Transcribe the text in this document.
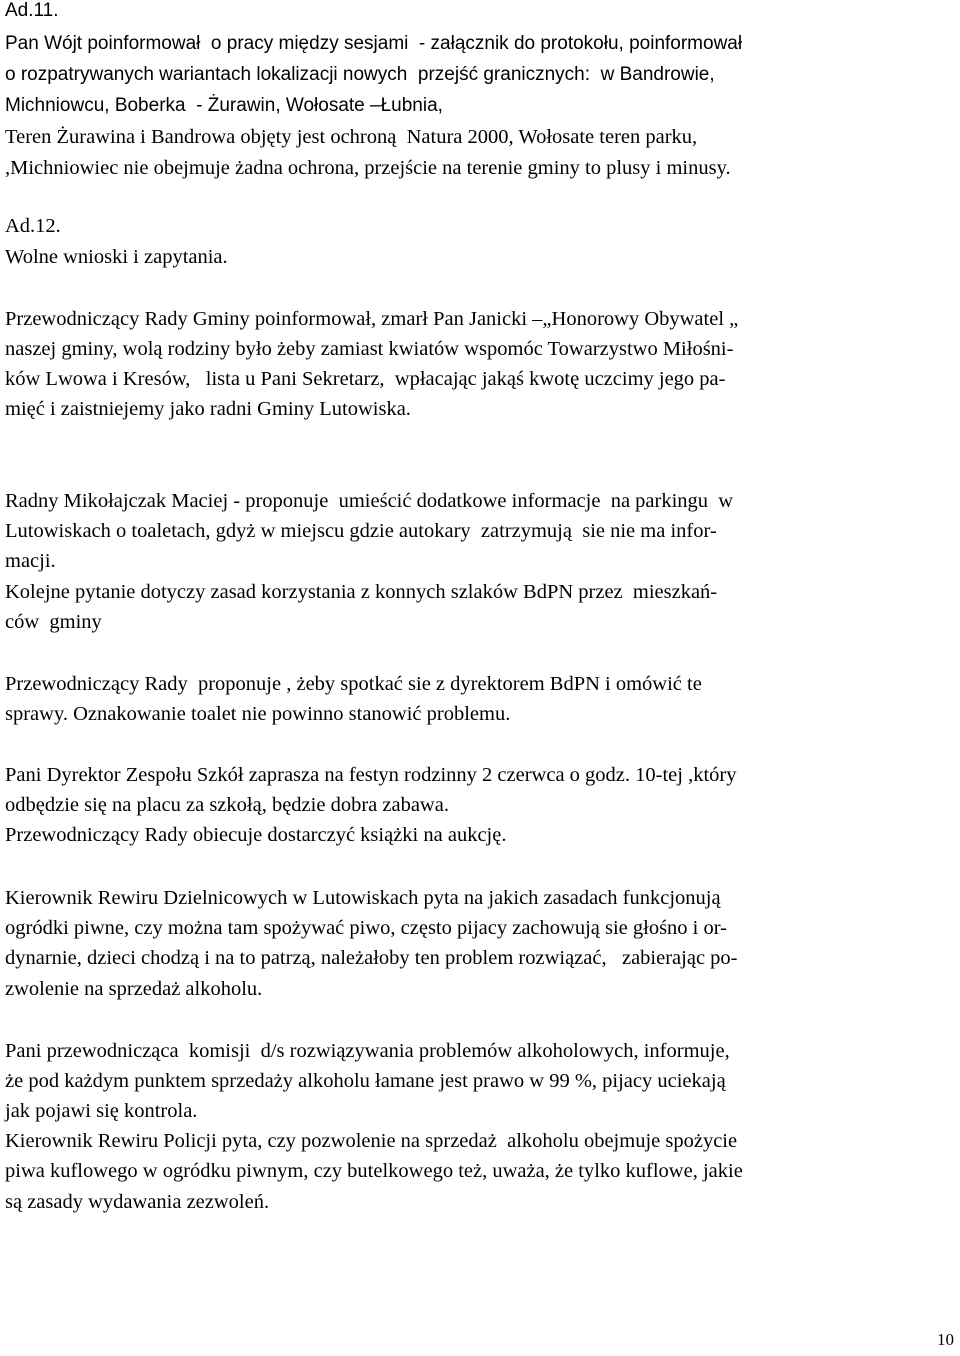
Ad.11.
Pan Wójt poinformował  o pracy między sesjami  - załącznik do protokołu, poinformował
o rozpatrywanych wariantach lokalizacji nowych  przejść granicznych:  w Bandrowie,
Michniowcu, Boberka  - Żurawin, Wołosate –Łubnia,
Teren Żurawina i Bandrowa objęty jest ochroną  Natura 2000, Wołosate teren parku,
,Michniowiec nie obejmuje żadna ochrona, przejście na terenie gminy to plusy i minusy.
Ad.12.
Wolne wnioski i zapytania.
Przewodniczący Rady Gminy poinformował, zmarł Pan Janicki –„Honorowy Obywatel „
naszej gminy, wolą rodziny było żeby zamiast kwiatów wspomóc Towarzystwo Miłośni-
ków Lwowa i Kresów,   lista u Pani Sekretarz,  wpłacając jakąś kwotę uczcimy jego pa-
mięć i zaistniejemy jako radni Gminy Lutowiska.
Radny Mikołajczak Maciej - proponuje  umieścić dodatkowe informacje  na parkingu  w
Lutowiskach o toaletach, gdyż w miejscu gdzie autokary  zatrzymują  sie nie ma infor-
macji.
Kolejne pytanie dotyczy zasad korzystania z konnych szlaków BdPN przez  mieszkań-
ców  gminy
Przewodniczący Rady  proponuje , żeby spotkać sie z dyrektorem BdPN i omówić te
sprawy. Oznakowanie toalet nie powinno stanowić problemu.
Pani Dyrektor Zespołu Szkół zaprasza na festyn rodzinny 2 czerwca o godz. 10-tej ,który
odbędzie się na placu za szkołą, będzie dobra zabawa.
Przewodniczący Rady obiecuje dostarczyć książki na aukcję.
Kierownik Rewiru Dzielnicowych w Lutowiskach pyta na jakich zasadach funkcjonują
ogródki piwne, czy można tam spożywać piwo, często pijacy zachowują sie głośno i or-
dynarnie, dzieci chodzą i na to patrzą, należałoby ten problem rozwiązać,   zabierając po-
zwolenie na sprzedaż alkoholu.
Pani przewodnicząca  komisji  d/s rozwiązywania problemów alkoholowych, informuje,
że pod każdym punktem sprzedaży alkoholu łamane jest prawo w 99 %, pijacy uciekają
jak pojawi się kontrola.
Kierownik Rewiru Policji pyta, czy pozwolenie na sprzedaż  alkoholu obejmuje spożycie
piwa kuflowego w ogródku piwnym, czy butelkowego też, uważa, że tylko kuflowe, jakie
są zasady wydawania zezwoleń.
10
